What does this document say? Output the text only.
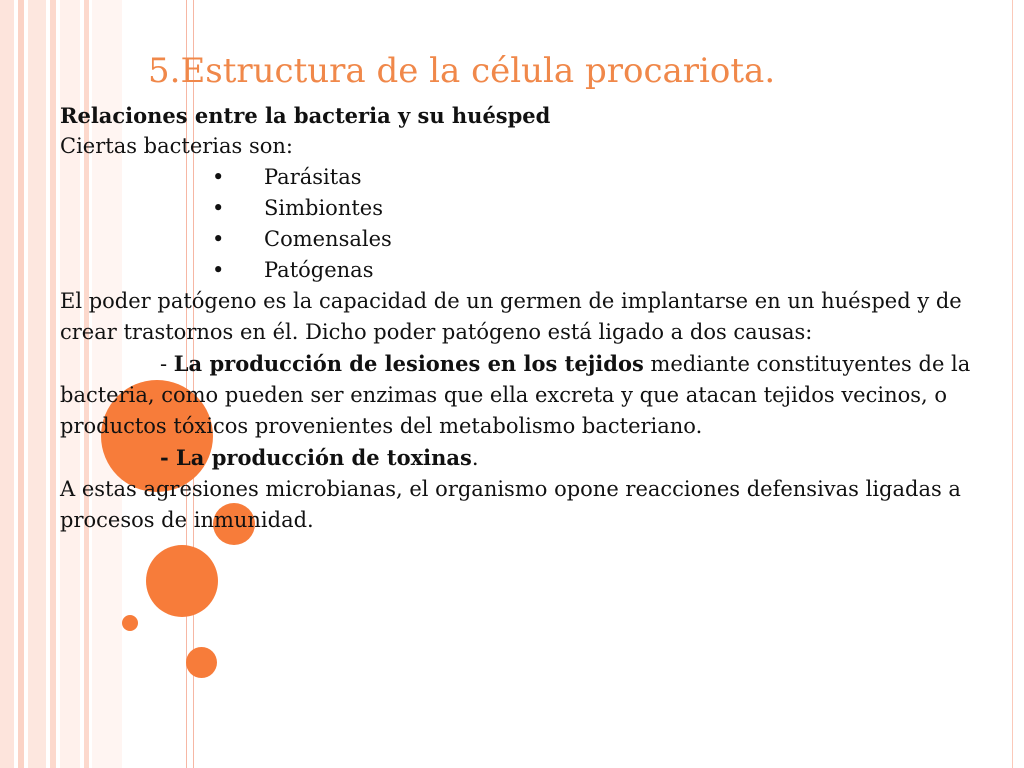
5.Estructura de la célula procariota.

Relaciones entre la bacteria y su huésped

Ciertas bacterias son:

• Parásitas
• Simbiontes
• Comensales
• Patógenas

El poder patógeno es la capacidad de un germen de implantarse en un huésped y de crear trastornos en él. Dicho poder patógeno está ligado a dos causas:

- La producción de lesiones en los tejidos mediante constituyentes de la bacteria, como pueden ser enzimas que ella excreta y que atacan tejidos vecinos, o productos tóxicos provenientes del metabolismo bacteriano.

- La producción de toxinas.

A estas agresiones microbianas, el organismo opone reacciones defensivas ligadas a procesos de inmunidad.
